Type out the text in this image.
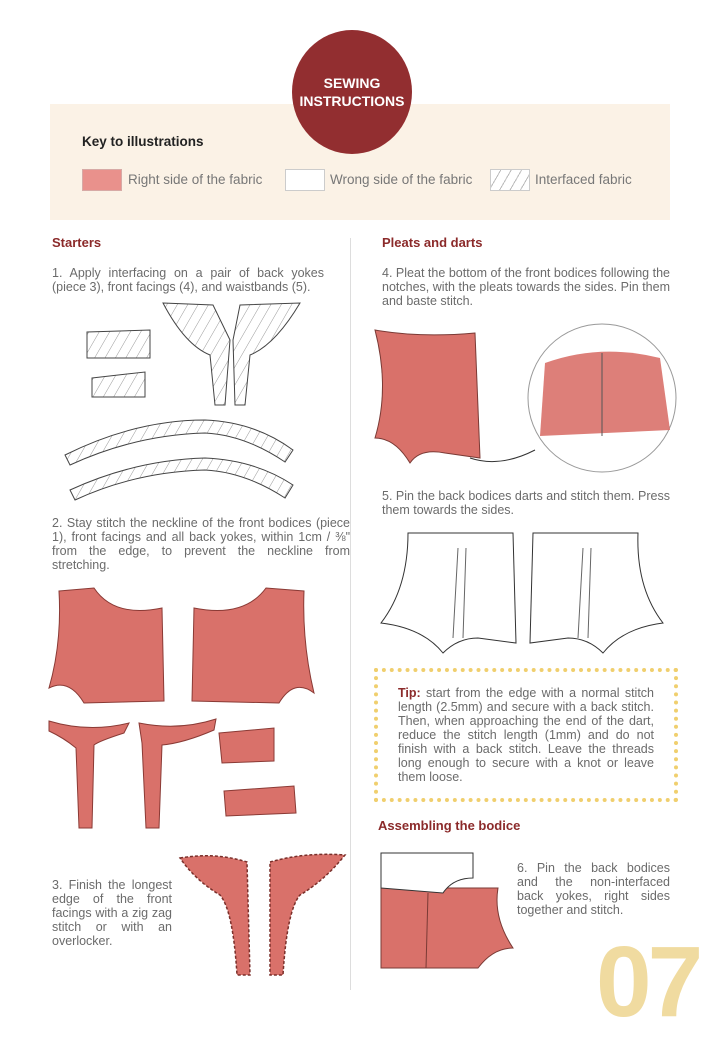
SEWING
INSTRUCTIONS
Key to illustrations
Right side of the fabric	Wrong side of the fabric	Interfaced fabric
Starters
1. Apply interfacing on a pair of back yokes (piece 3), front facings (4), and waistbands (5).
2. Stay stitch the neckline of the front bodices (piece 1), front facings and all back yokes, within 1cm / ⅜" from the edge, to prevent the neckline from stretching.
3. Finish the longest edge of the front facings with a zig zag stitch or with an overlocker.
Pleats and darts
4. Pleat the bottom of the front bodices following the notches, with the pleats towards the sides. Pin them and baste stitch.
5. Pin the back bodices darts and stitch them. Press them towards the sides.
Tip: start from the edge with a normal stitch length (2.5mm) and secure with a back stitch. Then, when approaching the end of the dart, reduce the stitch length (1mm) and do not finish with a back stitch. Leave the threads long enough to secure with a knot or leave them loose.
Assembling the bodice
6. Pin the back bodices and the non-interfaced back yokes, right sides together and stitch.
07
